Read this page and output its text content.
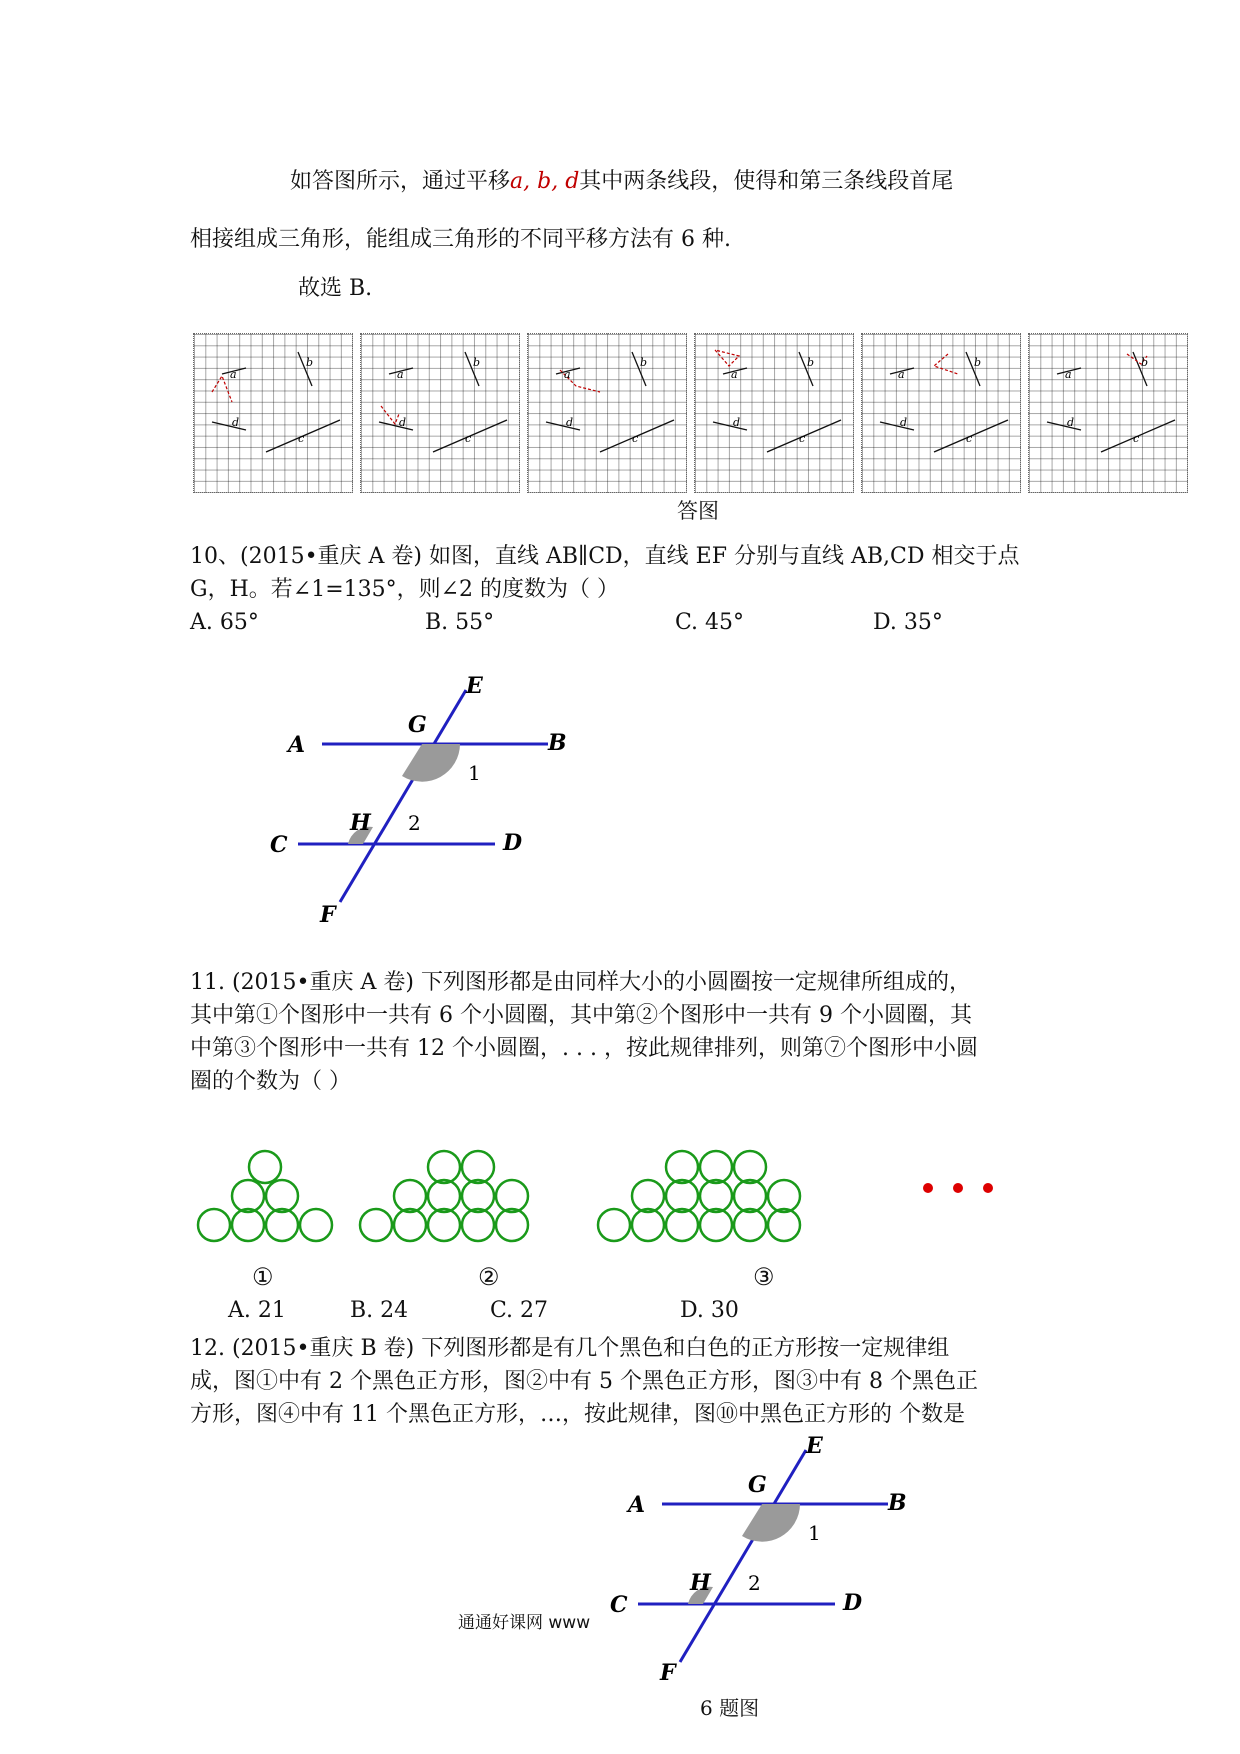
如答图所示，通过平移a, b, d其中两条线段，使得和第三条线段首尾
相接组成三角形，能组成三角形的不同平移方法有 6 种.
故选 B.
a
b
d
c
a
b
d
c
a
b
d
c
a
b
d
c
a
b
d
c
a
b
d
c
答图
10、(2015•重庆 A 卷) 如图，直线 AB∥CD，直线 EF 分别与直线 AB,CD 相交于点
G，H。若∠1=135°，则∠2 的度数为（ ）
A. 65°	B. 55°	C. 45°	D. 35°
A	B
C	D
E
F
G
H
1
2
11. (2015•重庆 A 卷) 下列图形都是由同样大小的小圆圈按一定规律所组成的，
其中第①个图形中一共有 6 个小圆圈，其中第②个图形中一共有 9 个小圆圈，其
中第③个图形中一共有 12 个小圆圈，. . . ，按此规律排列，则第⑦个图形中小圆
圈的个数为（ ）
①	②	③
A. 21	B. 24	C. 27	D. 30
12. (2015•重庆 B 卷) 下列图形都是有几个黑色和白色的正方形按一定规律组
成，图①中有 2 个黑色正方形，图②中有 5 个黑色正方形，图③中有 8 个黑色正
方形，图④中有 11 个黑色正方形，…，按此规律，图⑩中黑色正方形的 个数是
A	B
C	D
E
F
G
H
1
2
通通好课网 www
6 题图
